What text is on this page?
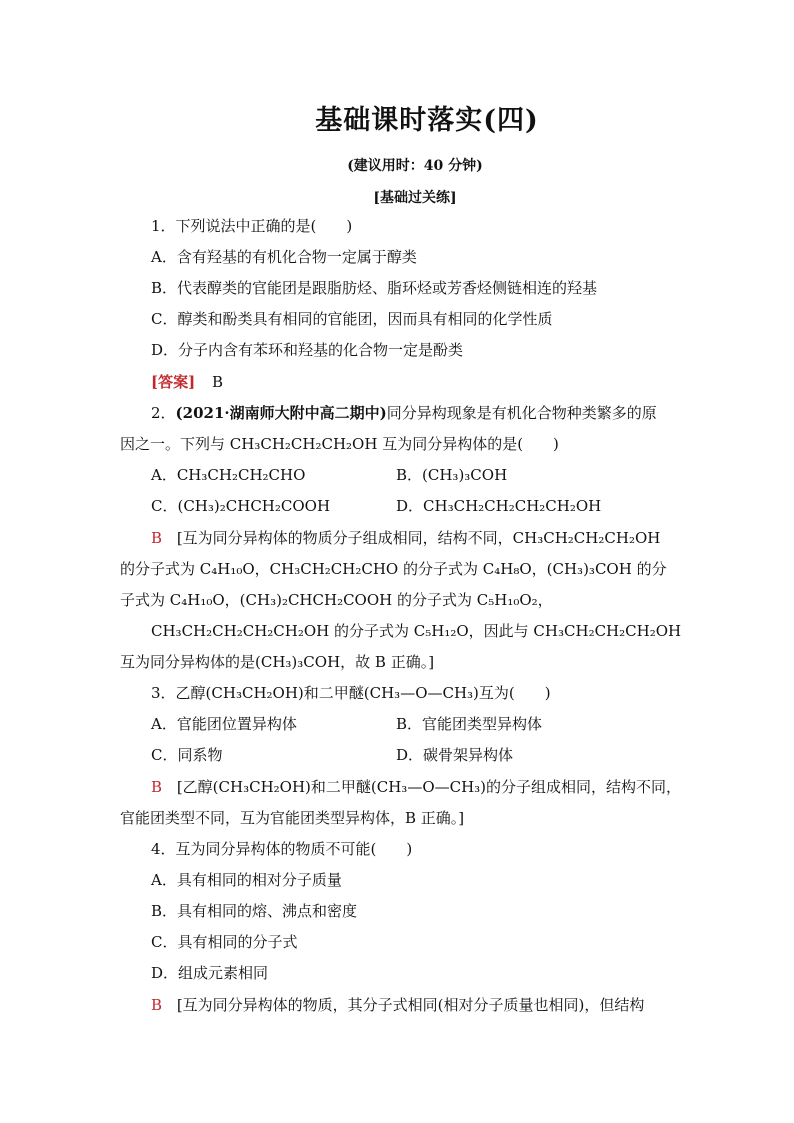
基础课时落实(四)
(建议用时：40 分钟)
[基础过关练]
1．下列说法中正确的是(　　)
A．含有羟基的有机化合物一定属于醇类
B．代表醇类的官能团是跟脂肪烃、脂环烃或芳香烃侧链相连的羟基
C．醇类和酚类具有相同的官能团，因而具有相同的化学性质
D．分子内含有苯环和羟基的化合物一定是酚类
[答案] B
2．(2021·湖南师大附中高二期中)同分异构现象是有机化合物种类繁多的原
因之一。下列与 CH₃CH₂CH₂CH₂OH 互为同分异构体的是(　　)
A．CH₃CH₂CH₂CHO	B．(CH₃)₃COH
C．(CH₃)₂CHCH₂COOH	D．CH₃CH₂CH₂CH₂CH₂OH
B [互为同分异构体的物质分子组成相同，结构不同，CH₃CH₂CH₂CH₂OH
的分子式为 C₄H₁₀O，CH₃CH₂CH₂CHO 的分子式为 C₄H₈O，(CH₃)₃COH 的分
子式为 C₄H₁₀O，(CH₃)₂CHCH₂COOH 的分子式为 C₅H₁₀O₂，
CH₃CH₂CH₂CH₂CH₂OH 的分子式为 C₅H₁₂O，因此与 CH₃CH₂CH₂CH₂OH
互为同分异构体的是(CH₃)₃COH，故 B 正确。]
3．乙醇(CH₃CH₂OH)和二甲醚(CH₃—O—CH₃)互为(　　)
A．官能团位置异构体	B．官能团类型异构体
C．同系物	D．碳骨架异构体
B [乙醇(CH₃CH₂OH)和二甲醚(CH₃—O—CH₃)的分子组成相同，结构不同，
官能团类型不同，互为官能团类型异构体，B 正确。]
4．互为同分异构体的物质不可能(　　)
A．具有相同的相对分子质量
B．具有相同的熔、沸点和密度
C．具有相同的分子式
D．组成元素相同
B [互为同分异构体的物质，其分子式相同(相对分子质量也相同)，但结构
